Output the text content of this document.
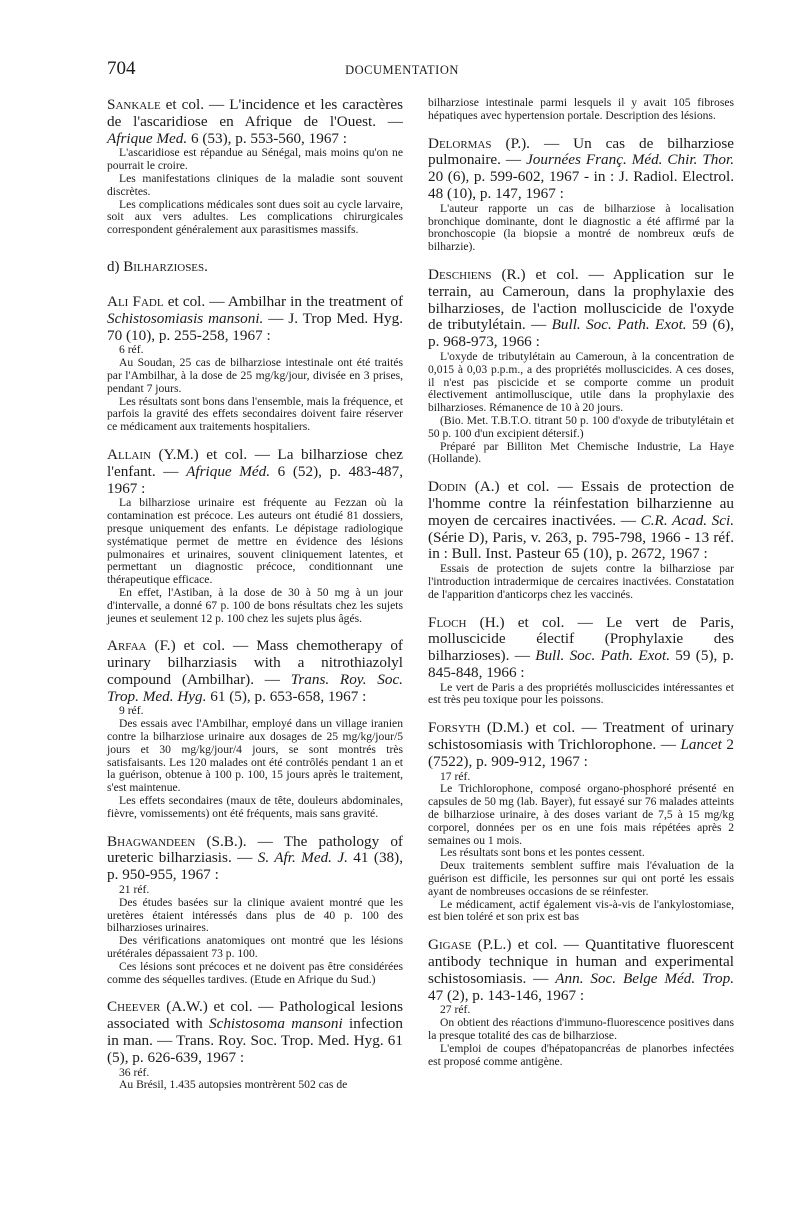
704	DOCUMENTATION
Sankale et col. — L'incidence et les caractères de l'ascaridiose en Afrique de l'Ouest. — Afrique Med. 6 (53), p. 553-560, 1967 :

L'ascaridiose est répandue au Sénégal, mais moins qu'on ne pourrait le croire.

Les manifestations cliniques de la maladie sont souvent discrètes.

Les complications médicales sont dues soit au cycle larvaire, soit aux vers adultes. Les complications chirurgicales correspondent généralement aux parasitismes massifs.

d) Bilharzioses.
Ali Fadl et col. — Ambilhar in the treatment of Schistosomiasis mansoni. — J. Trop Med. Hyg. 70 (10), p. 255-258, 1967 :
6 réf.

Au Soudan, 25 cas de bilharziose intestinale ont été traités par l'Ambilhar, à la dose de 25 mg/kg/jour, divisée en 3 prises, pendant 7 jours.

Les résultats sont bons dans l'ensemble, mais la fréquence, et parfois la gravité des effets secondaires doivent faire réserver ce médicament aux traitements hospitaliers.

Allain (Y.M.) et col. — La bilharziose chez l'enfant. — Afrique Méd. 6 (52), p. 483-487, 1967 :

La bilharziose urinaire est fréquente au Fezzan où la contamination est précoce. Les auteurs ont étudié 81 dossiers, presque uniquement des enfants. Le dépistage radiologique systématique permet de mettre en évidence des lésions pulmonaires et urinaires, souvent cliniquement latentes, et permettant un diagnostic précoce, conditionnant une thérapeutique efficace.

En effet, l'Astiban, à la dose de 30 à 50 mg à un jour d'intervalle, a donné 67 p. 100 de bons résultats chez les sujets jeunes et seulement 12 p. 100 chez les sujets plus âgés.

Arfaa (F.) et col. — Mass chemotherapy of urinary bilharziasis with a nitrothiazolyl compound (Ambilhar). — Trans. Roy. Soc. Trop. Med. Hyg. 61 (5), p. 653-658, 1967 :
9 réf.

Des essais avec l'Ambilhar, employé dans un village iranien contre la bilharziose urinaire aux dosages de 25 mg/kg/jour/5 jours et 30 mg/kg/jour/4 jours, se sont montrés très satisfaisants. Les 120 malades ont été contrôlés pendant 1 an et la guérison, obtenue à 100 p. 100, 15 jours après le traitement, s'est maintenue.

Les effets secondaires (maux de tête, douleurs abdominales, fièvre, vomissements) ont été fréquents, mais sans gravité.

Bhagwandeen (S.B.). — The pathology of ureteric bilharziasis. — S. Afr. Med. J. 41 (38), p. 950-955, 1967 :
21 réf.

Des études basées sur la clinique avaient montré que les uretères étaient intéressés dans plus de 40 p. 100 des bilharzioses urinaires.

Des vérifications anatomiques ont montré que les lésions urétérales dépassaient 73 p. 100.

Ces lésions sont précoces et ne doivent pas être considérées comme des séquelles tardives. (Etude en Afrique du Sud.)

Cheever (A.W.) et col. — Pathological lesions associated with Schistosoma mansoni infection in man. — Trans. Roy. Soc. Trop. Med. Hyg. 61 (5), p. 626-639, 1967 :
36 réf.

Au Brésil, 1.435 autopsies montrèrent 502 cas de

bilharziose intestinale parmi lesquels il y avait 105 fibroses hépatiques avec hypertension portale. Description des lésions.

Delormas (P.). — Un cas de bilharziose pulmonaire. — Journées Franç. Méd. Chir. Thor. 20 (6), p. 599-602, 1967 - in : J. Radiol. Electrol. 48 (10), p. 147, 1967 :

L'auteur rapporte un cas de bilharziose à localisation bronchique dominante, dont le diagnostic a été affirmé par la bronchoscopie (la biopsie a montré de nombreux œufs de bilharzie).

Deschiens (R.) et col. — Application sur le terrain, au Cameroun, dans la prophylaxie des bilharzioses, de l'action molluscicide de l'oxyde de tributylétain. — Bull. Soc. Path. Exot. 59 (6), p. 968-973, 1966 :

L'oxyde de tributylétain au Cameroun, à la concentration de 0,015 à 0,03 p.p.m., a des propriétés molluscicides. A ces doses, il n'est pas piscicide et se comporte comme un produit électivement antimolluscique, utile dans la prophylaxie des bilharzioses. Rémanence de 10 à 20 jours.

(Bio. Met. T.B.T.O. titrant 50 p. 100 d'oxyde de tributylétain et 50 p. 100 d'un excipient détersif.)

Préparé par Billiton Met Chemische Industrie, La Haye (Hollande).

Dodin (A.) et col. — Essais de protection de l'homme contre la réinfestation bilharzienne au moyen de cercaires inactivées. — C.R. Acad. Sci. (Série D), Paris, v. 263, p. 795-798, 1966 - 13 réf. in : Bull. Inst. Pasteur 65 (10), p. 2672, 1967 :

Essais de protection de sujets contre la bilharziose par l'introduction intradermique de cercaires inactivées. Constatation de l'apparition d'anticorps chez les vaccinés.

Floch (H.) et col. — Le vert de Paris, molluscicide électif (Prophylaxie des bilharzioses). — Bull. Soc. Path. Exot. 59 (5), p. 845-848, 1966 :

Le vert de Paris a des propriétés molluscicides intéressantes et est très peu toxique pour les poissons.

Forsyth (D.M.) et col. — Treatment of urinary schistosomiasis with Trichlorophone. — Lancet 2 (7522), p. 909-912, 1967 :
17 réf.

Le Trichlorophone, composé organo-phosphoré présenté en capsules de 50 mg (lab. Bayer), fut essayé sur 76 malades atteints de bilharziose urinaire, à des doses variant de 7,5 à 15 mg/kg corporel, données per os en une fois mais répétées après 2 semaines ou 1 mois.

Les résultats sont bons et les pontes cessent.

Deux traitements semblent suffire mais l'évaluation de la guérison est difficile, les personnes sur qui ont porté les essais ayant de nombreuses occasions de se réinfester.

Le médicament, actif également vis-à-vis de l'ankylostomiase, est bien toléré et son prix est bas

Gigase (P.L.) et col. — Quantitative fluorescent antibody technique in human and experimental schistosomiasis. — Ann. Soc. Belge Méd. Trop. 47 (2), p. 143-146, 1967 :
27 réf.

On obtient des réactions d'immuno-fluorescence positives dans la presque totalité des cas de bilharziose.

L'emploi de coupes d'hépatopancréas de planorbes infectées est proposé comme antigène.
